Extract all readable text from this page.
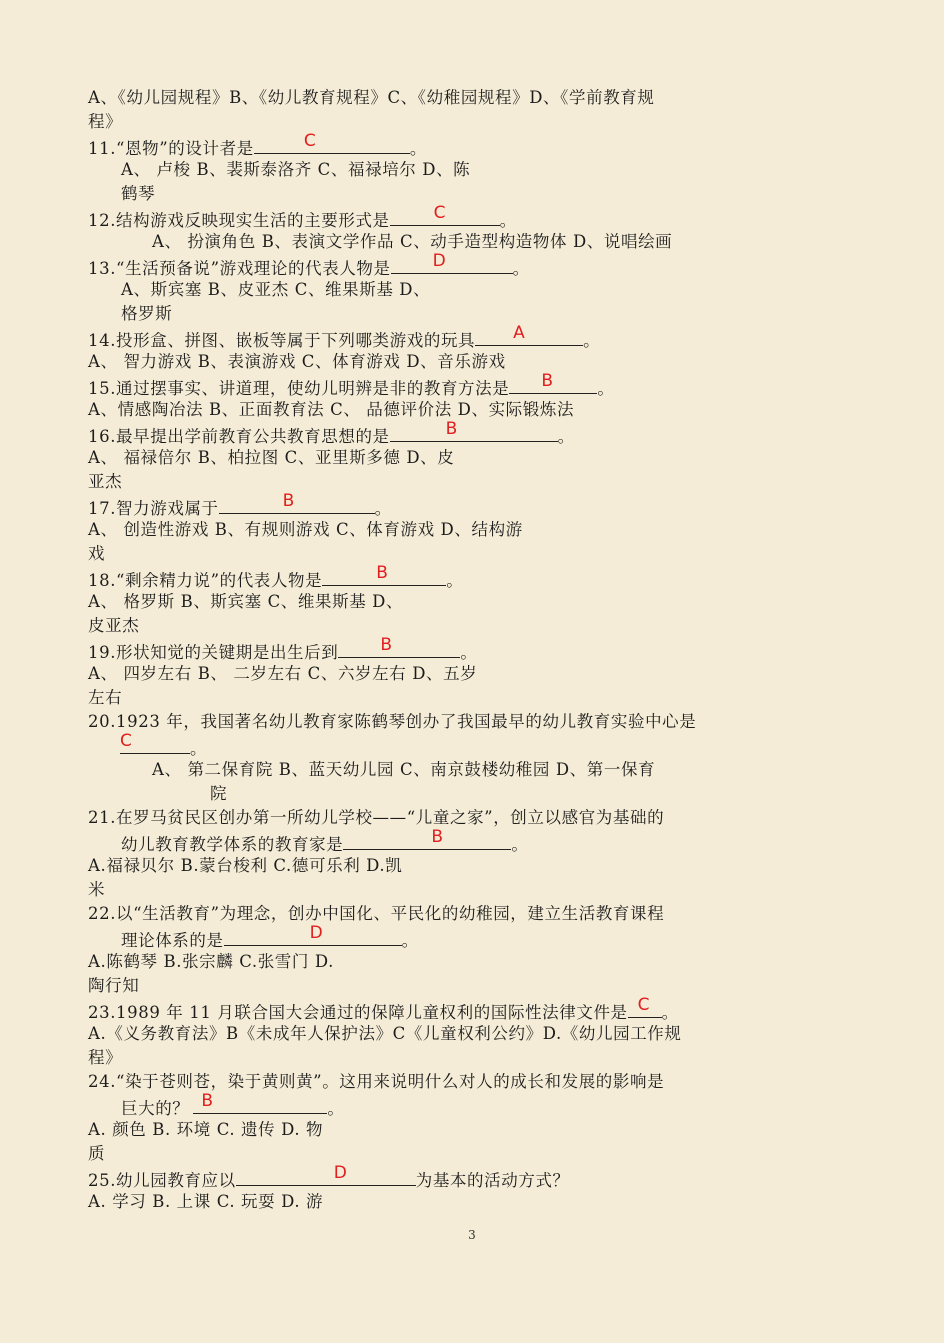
A、《幼儿园规程》B、《幼儿教育规程》C、《幼稚园规程》D、《学前教育规
程》
11.“恩物”的设计者是	C	。
A、 卢梭 B、裴斯泰洛齐 C、福禄培尔 D、陈
鹤琴
12.结构游戏反映现实生活的主要形式是	C	。
A、 扮演角色 B、表演文学作品 C、动手造型构造物体 D、说唱绘画
13.“生活预备说”游戏理论的代表人物是 D	。
A、斯宾塞 B、皮亚杰 C、维果斯基 D、
格罗斯
14.投形盒、拼图、嵌板等属于下列哪类游戏的玩具 A	。
A、 智力游戏 B、表演游戏 C、体育游戏 D、音乐游戏
15.通过摆事实、讲道理，使幼儿明辨是非的教育方法是 B	。
A、情感陶冶法 B、正面教育法 C、 品德评价法 D、实际锻炼法
16.最早提出学前教育公共教育思想的是	B	。
A、 福禄倍尔 B、柏拉图 C、亚里斯多德 D、皮
亚杰
17.智力游戏属于	B	。
A、 创造性游戏 B、有规则游戏 C、体育游戏 D、结构游
戏
18.“剩余精力说”的代表人物是	B	。
A、 格罗斯 B、斯宾塞 C、维果斯基 D、
皮亚杰
19.形状知觉的关键期是出生后到 B	。
A、 四岁左右 B、 二岁左右 C、六岁左右 D、五岁
左右
20.1923 年，我国著名幼儿教育家陈鹤琴创办了我国最早的幼儿教育实验中心是
C	。
A、 第二保育院 B、蓝天幼儿园 C、南京鼓楼幼稚园 D、第一保育
院
21.在罗马贫民区创办第一所幼儿学校——“儿童之家”，创立以感官为基础的
幼儿教育教学体系的教育家是	B	。
A.福禄贝尔 B.蒙台梭利 C.德可乐利 D.凯
米
22.以“生活教育”为理念，创办中国化、平民化的幼稚园，建立生活教育课程
理论体系的是	D	。
A.陈鹤琴 B.张宗麟 C.张雪门 D.
陶行知
23.1989 年 11 月联合国大会通过的保障儿童权利的国际性法律文件是 C 。
A.《义务教育法》B《未成年人保护法》C《儿童权利公约》D.《幼儿园工作规
程》
24.“染于苍则苍，染于黄则黄”。这用来说明什么对人的成长和发展的影响是
巨大的？ B	。
A. 颜色 B. 环境 C. 遗传 D. 物
质
25.幼儿园教育应以	D	为基本的活动方式？
A. 学习 B. 上课 C. 玩耍 D. 游
3
